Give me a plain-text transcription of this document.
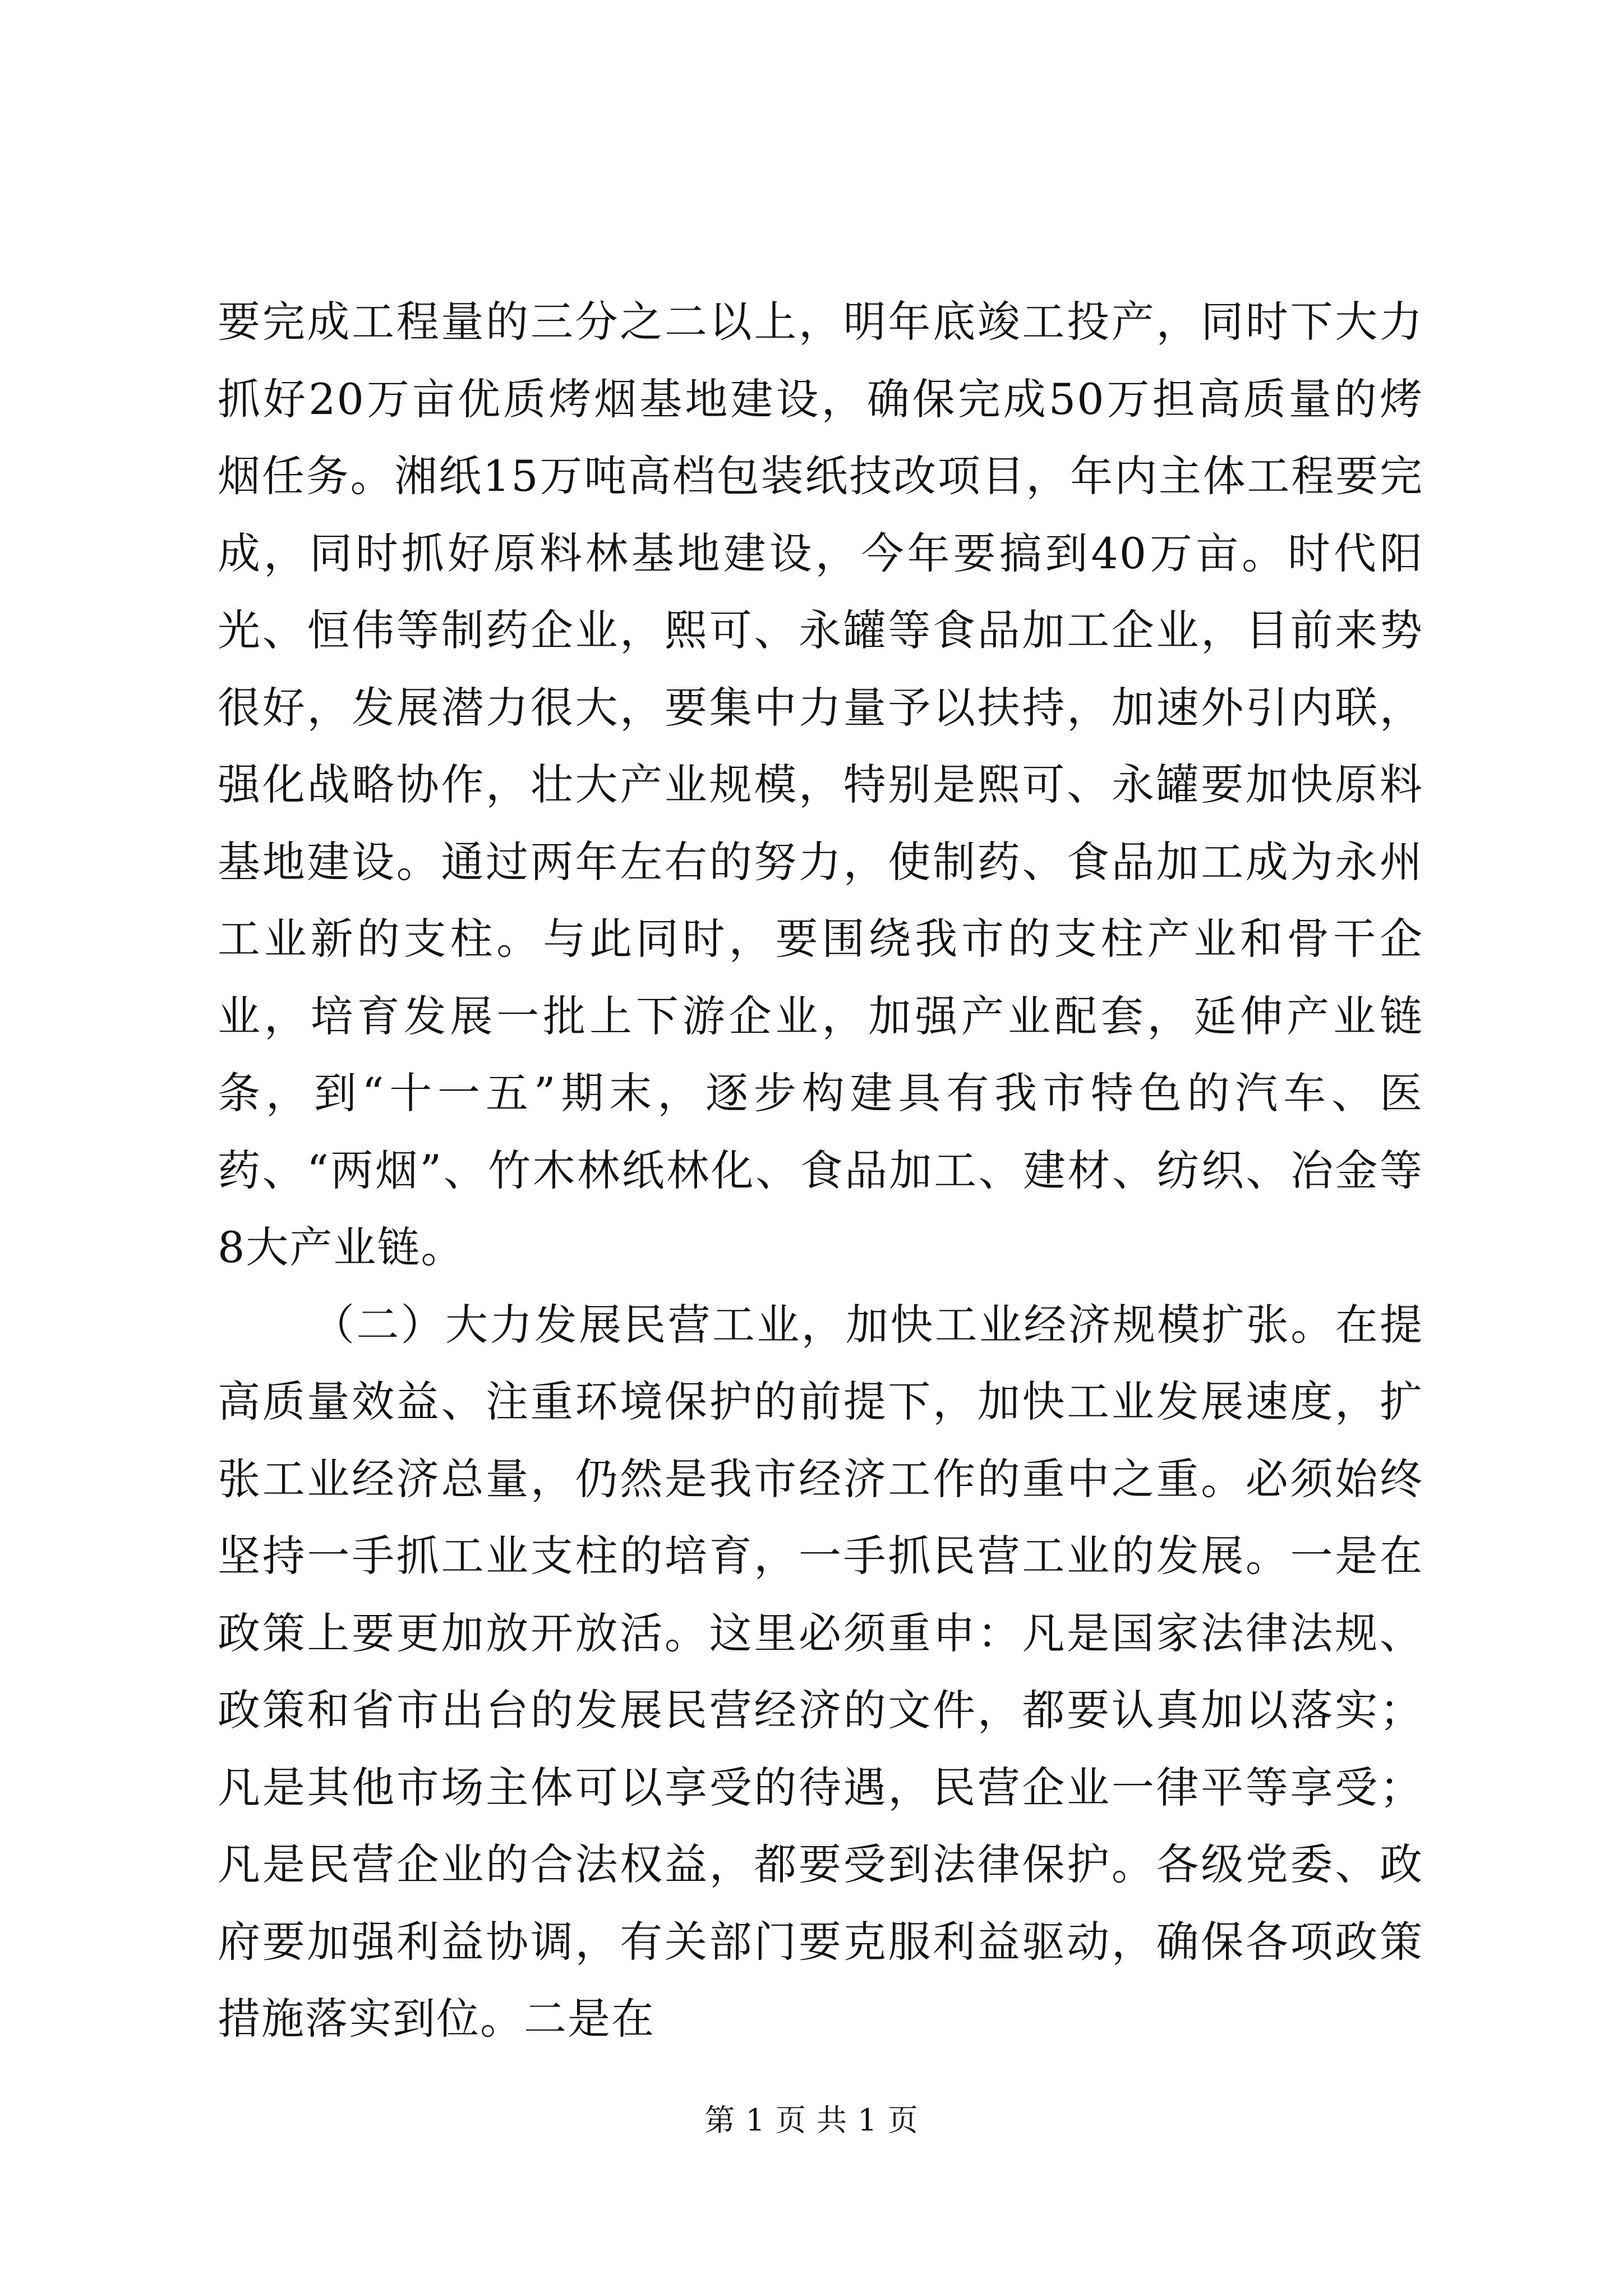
要完成工程量的三分之二以上，明年底竣工投产，同时下大力抓好20万亩优质烤烟基地建设，确保完成50万担高质量的烤烟任务。湘纸15万吨高档包装纸技改项目，年内主体工程要完成，同时抓好原料林基地建设，今年要搞到40万亩。时代阳光、恒伟等制药企业，熙可、永罐等食品加工企业，目前来势很好，发展潜力很大，要集中力量予以扶持，加速外引内联，强化战略协作，壮大产业规模，特别是熙可、永罐要加快原料基地建设。通过两年左右的努力，使制药、食品加工成为永州工业新的支柱。与此同时，要围绕我市的支柱产业和骨干企业，培育发展一批上下游企业，加强产业配套，延伸产业链条，到“十一五”期末，逐步构建具有我市特色的汽车、医药、“两烟”、竹木林纸林化、食品加工、建材、纺织、冶金等8大产业链。

（二）大力发展民营工业，加快工业经济规模扩张。在提高质量效益、注重环境保护的前提下，加快工业发展速度，扩张工业经济总量，仍然是我市经济工作的重中之重。必须始终坚持一手抓工业支柱的培育，一手抓民营工业的发展。一是在政策上要更加放开放活。这里必须重申：凡是国家法律法规、政策和省市出台的发展民营经济的文件，都要认真加以落实；凡是其他市场主体可以享受的待遇，民营企业一律平等享受；凡是民营企业的合法权益，都要受到法律保护。各级党委、政府要加强利益协调，有关部门要克服利益驱动，确保各项政策措施落实到位。二是在

第 1 页 共 1 页
